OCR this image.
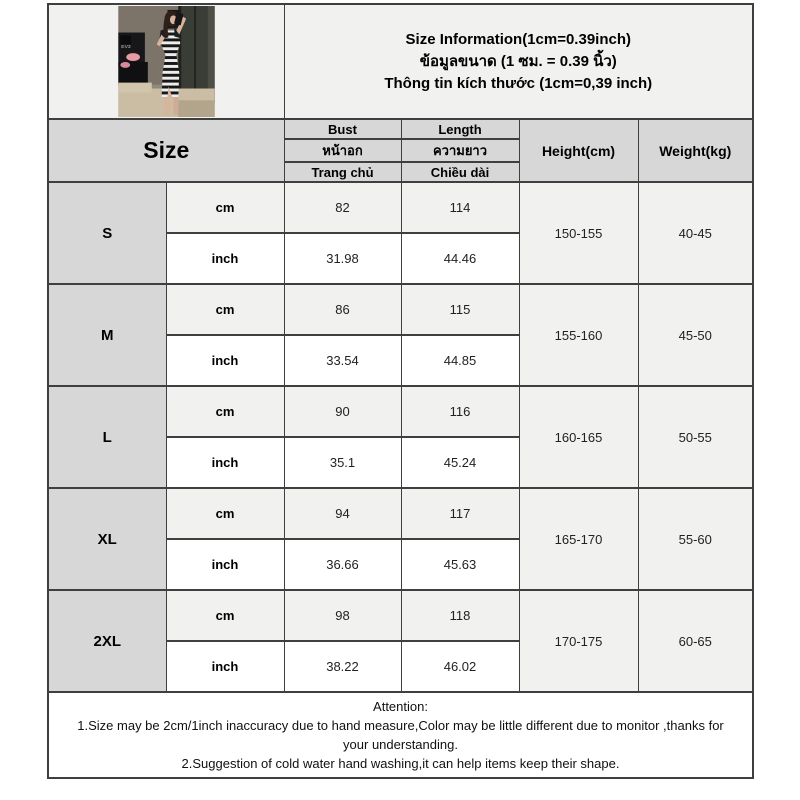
EV3		Size Information(1cm=0.39inch)
ข้อมูลขนาด (1 ซม. = 0.39 นิ้ว)
Thông tin kích thước (1cm=0,39 inch)			

Size		Bust	Length	Height(cm)	Weight(kg)
		หน้าอก	ความยาว		
		Trang chủ	Chiều dài		
S	cm	82	114	150-155	40-45
	inch	31.98	44.46		
M	cm	86	115	155-160	45-50
	inch	33.54	44.85		
L	cm	90	116	160-165	50-55
	inch	35.1	45.24		
XL	cm	94	117	165-170	55-60
	inch	36.66	45.63		
2XL	cm	98	118	170-175	60-65
	inch	38.22	46.02		

Attention:
1.Size may be 2cm/1inch inaccuracy due to hand measure,Color may be little different due to monitor ,thanks for your understanding.
2.Suggestion of cold water hand washing,it can help items keep their shape.					
